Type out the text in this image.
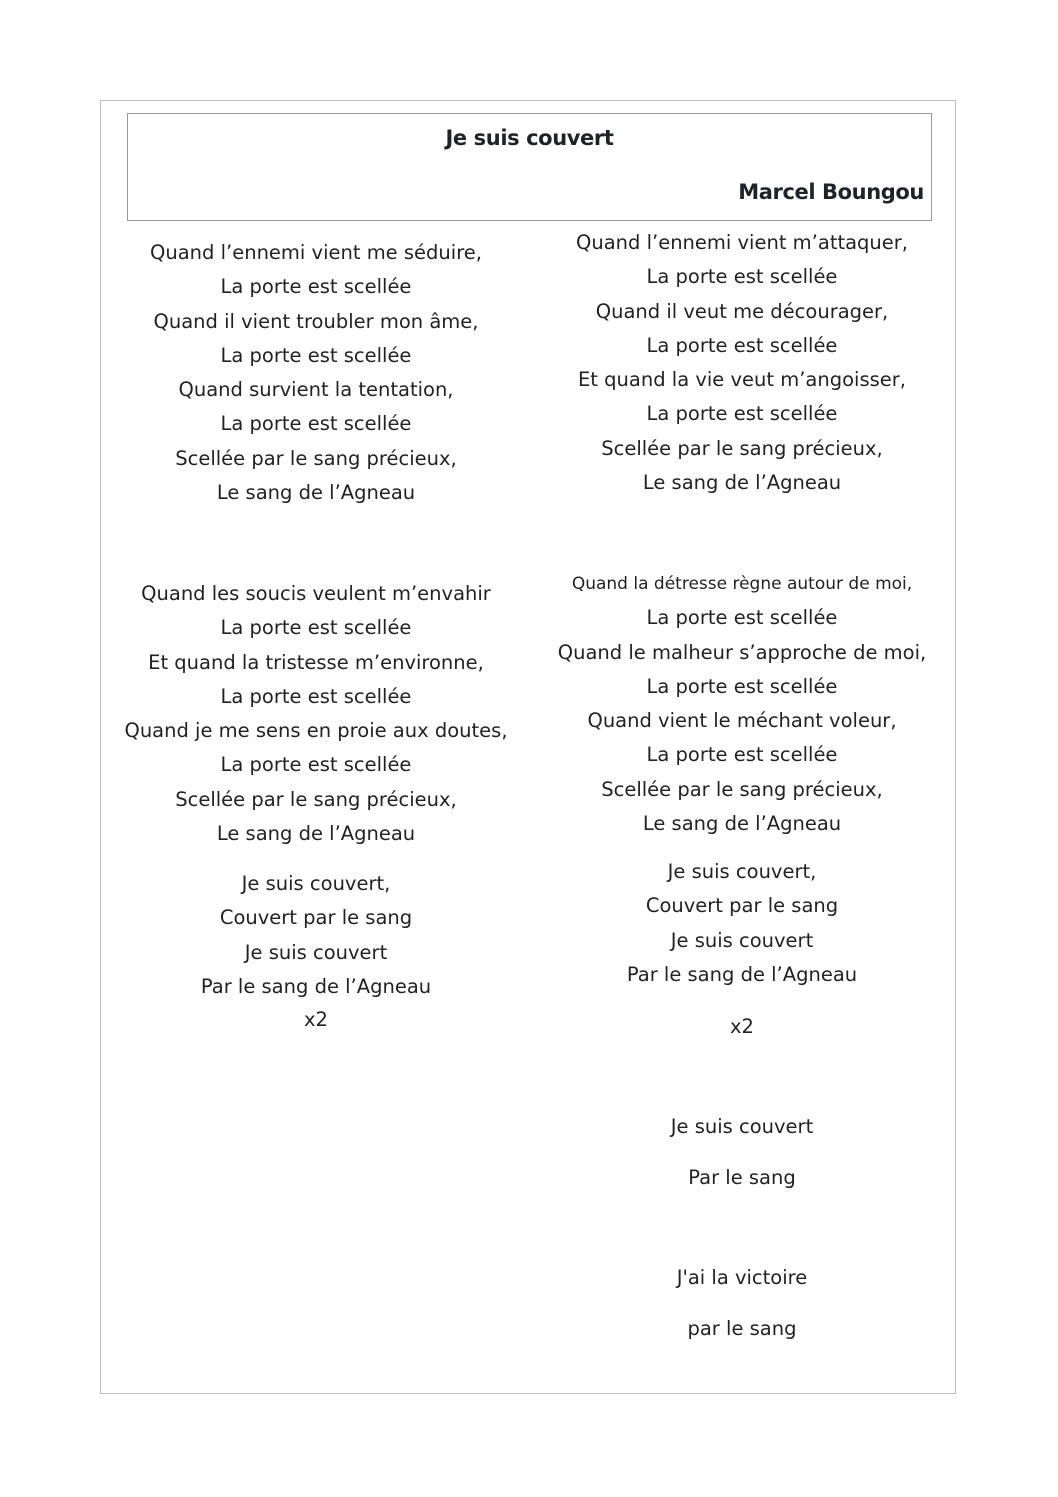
Je suis couvert
Marcel Boungou

Quand l’ennemi vient me séduire,

La porte est scellée

Quand il vient troubler mon âme,

La porte est scellée

Quand survient la tentation,

La porte est scellée

Scellée par le sang précieux,

Le sang de l’Agneau

Quand les soucis veulent m’envahir

La porte est scellée

Et quand la tristesse m’environne,

La porte est scellée

Quand je me sens en proie aux doutes,

La porte est scellée

Scellée par le sang précieux,

Le sang de l’Agneau

Je suis couvert,

Couvert par le sang

Je suis couvert

Par le sang de l’Agneau

x2

Quand l’ennemi vient m’attaquer,

La porte est scellée

Quand il veut me décourager,

La porte est scellée

Et quand la vie veut m’angoisser,

La porte est scellée

Scellée par le sang précieux,

Le sang de l’Agneau

Quand la détresse règne autour de moi,

La porte est scellée

Quand le malheur s’approche de moi,

La porte est scellée

Quand vient le méchant voleur,

La porte est scellée

Scellée par le sang précieux,

Le sang de l’Agneau

Je suis couvert,

Couvert par le sang

Je suis couvert

Par le sang de l’Agneau

x2
Je suis couvert
Par le sang
J'ai la victoire
par le sang
